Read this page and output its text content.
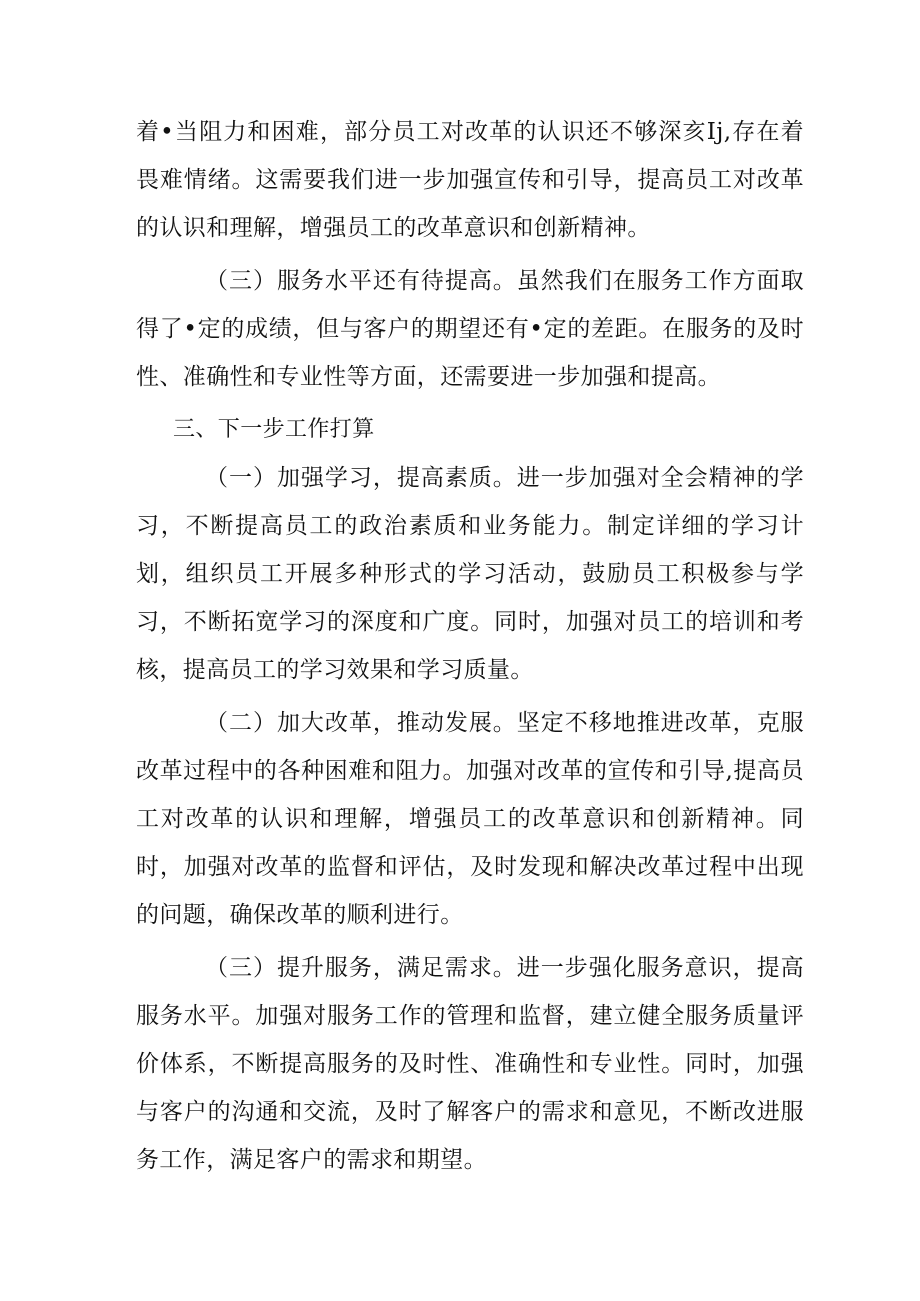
着•当阻力和困难，部分员工对改革的认识还不够深亥Ij,存在着畏难情绪。这需要我们进一步加强宣传和引导，提高员工对改革的认识和理解，增强员工的改革意识和创新精神。

（三）服务水平还有待提高。虽然我们在服务工作方面取得了•定的成绩，但与客户的期望还有•定的差距。在服务的及时性、准确性和专业性等方面，还需要进一步加强和提高。

三、下一步工作打算

（一）加强学习，提高素质。进一步加强对全会精神的学习，不断提高员工的政治素质和业务能力。制定详细的学习计划，组织员工开展多种形式的学习活动，鼓励员工积极参与学习，不断拓宽学习的深度和广度。同时，加强对员工的培训和考核，提高员工的学习效果和学习质量。

（二）加大改革，推动发展。坚定不移地推进改革，克服改革过程中的各种困难和阻力。加强对改革的宣传和引导,提高员工对改革的认识和理解，增强员工的改革意识和创新精神。同时，加强对改革的监督和评估，及时发现和解决改革过程中出现的问题，确保改革的顺利进行。

（三）提升服务，满足需求。进一步强化服务意识，提高服务水平。加强对服务工作的管理和监督，建立健全服务质量评价体系，不断提高服务的及时性、准确性和专业性。同时，加强与客户的沟通和交流，及时了解客户的需求和意见，不断改进服务工作，满足客户的需求和期望。
